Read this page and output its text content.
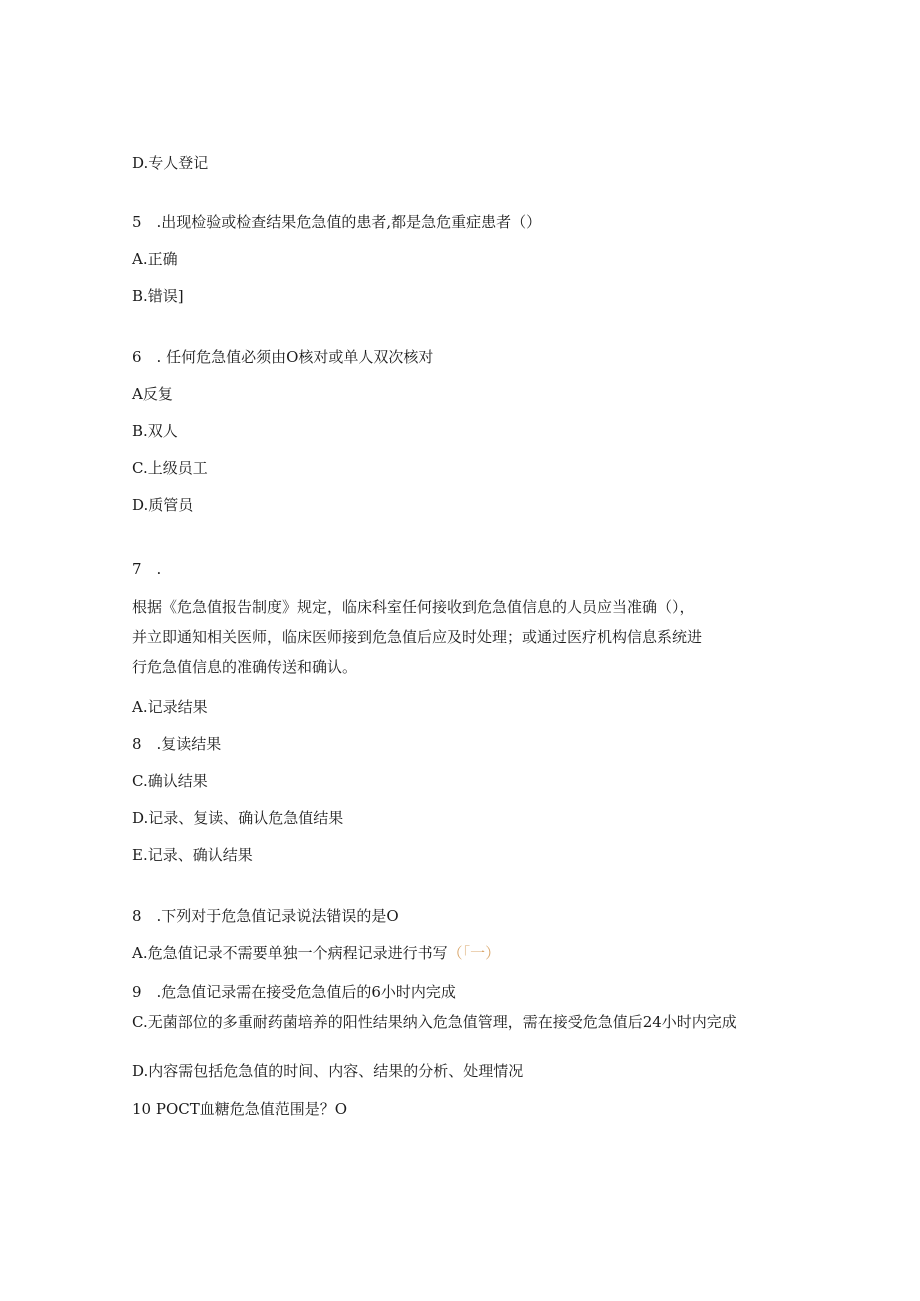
D.专人登记
5　.出现检验或检查结果危急值的患者,都是急危重症患者（）
A.正确
B.错误]
6　. 任何危急值必须由O核对或单人双次核对
A反复
B.双人
C.上级员工
D.质管员
7　.
根据《危急值报告制度》规定，临床科室任何接收到危急值信息的人员应当准确（），
并立即通知相关医师，临床医师接到危急值后应及时处理；或通过医疗机构信息系统进
行危急值信息的准确传送和确认。
A.记录结果
8　.复读结果
C.确认结果
D.记录、复读、确认危急值结果
E.记录、确认结果
8　.下列对于危急值记录说法错误的是O
A.危急值记录不需要单独一个病程记录进行书写（「一）
9　.危急值记录需在接受危急值后的6小时内完成
C.无菌部位的多重耐药菌培养的阳性结果纳入危急值管理，需在接受危急值后24小时内完成
D.内容需包括危急值的时间、内容、结果的分析、处理情况
10 POCT血糖危急值范围是？O
